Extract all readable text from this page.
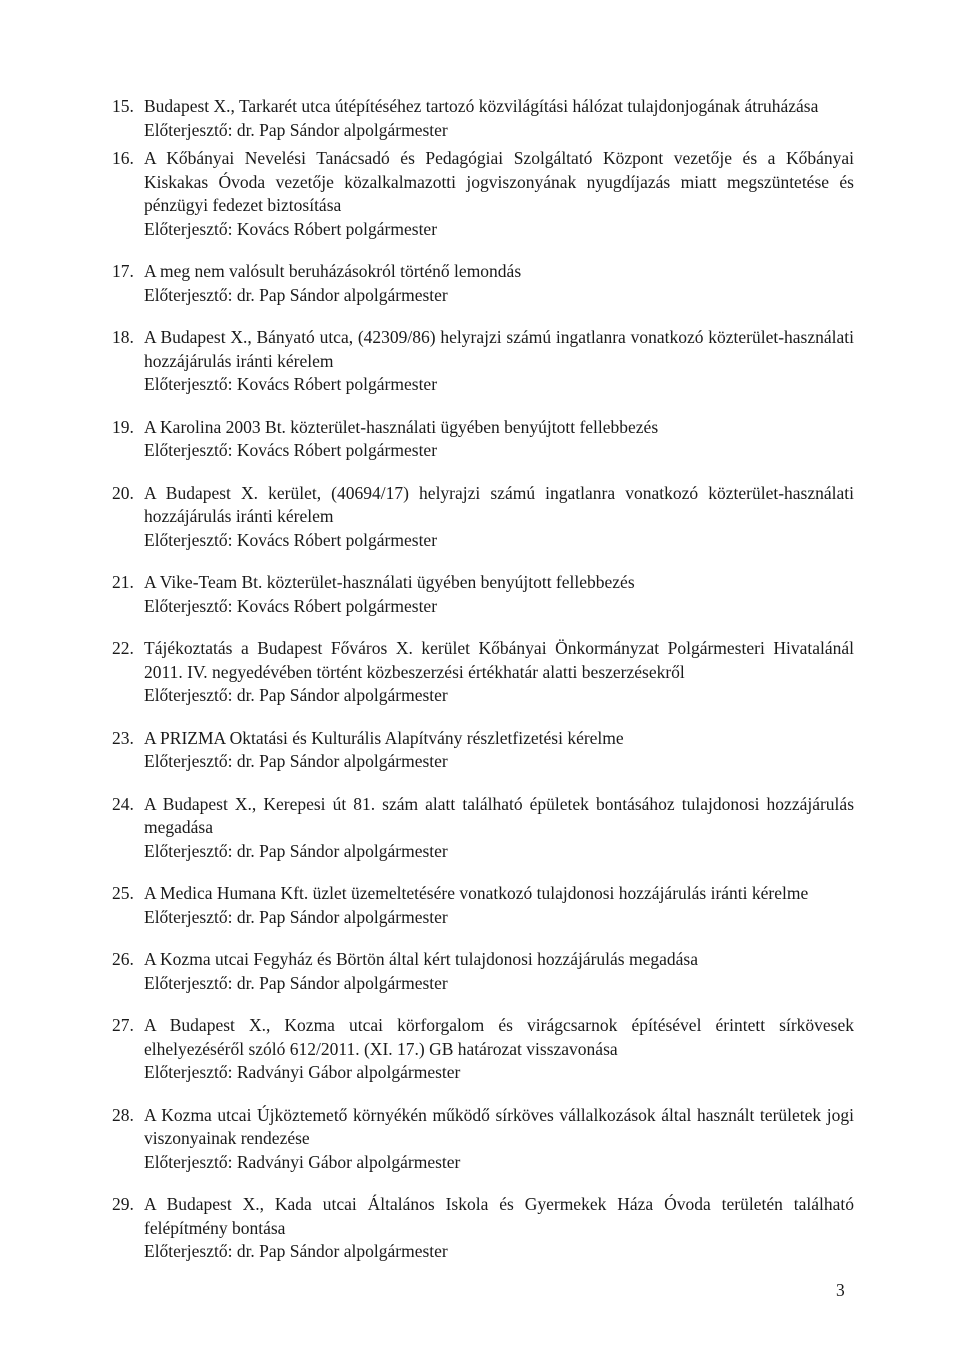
15. Budapest X., Tarkarét utca útépítéséhez tartozó közvilágítási hálózat tulajdonjogának átruházása
Előterjesztő: dr. Pap Sándor alpolgármester
16. A Kőbányai Nevelési Tanácsadó és Pedagógiai Szolgáltató Központ vezetője és a Kőbányai Kiskakas Óvoda vezetője közalkalmazotti jogviszonyának nyugdíjazás miatt megszüntetése és pénzügyi fedezet biztosítása
Előterjesztő: Kovács Róbert polgármester
17. A meg nem valósult beruházásokról történő lemondás
Előterjesztő: dr. Pap Sándor alpolgármester
18. A Budapest X., Bányató utca, (42309/86) helyrajzi számú ingatlanra vonatkozó közterület-használati hozzájárulás iránti kérelem
Előterjesztő: Kovács Róbert polgármester
19. A Karolina 2003 Bt. közterület-használati ügyében benyújtott fellebbezés
Előterjesztő: Kovács Róbert polgármester
20. A Budapest X. kerület, (40694/17) helyrajzi számú ingatlanra vonatkozó közterület-használati hozzájárulás iránti kérelem
Előterjesztő: Kovács Róbert polgármester
21. A Vike-Team Bt. közterület-használati ügyében benyújtott fellebbezés
Előterjesztő: Kovács Róbert polgármester
22. Tájékoztatás a Budapest Főváros X. kerület Kőbányai Önkormányzat Polgármesteri Hivatalánál 2011. IV. negyedévében történt közbeszerzési értékhatár alatti beszerzésekről
Előterjesztő: dr. Pap Sándor alpolgármester
23. A PRIZMA Oktatási és Kulturális Alapítvány részletfizetési kérelme
Előterjesztő: dr. Pap Sándor alpolgármester
24. A Budapest X., Kerepesi út 81. szám alatt található épületek bontásához tulajdonosi hozzájárulás megadása
Előterjesztő: dr. Pap Sándor alpolgármester
25. A Medica Humana Kft. üzlet üzemeltetésére vonatkozó tulajdonosi hozzájárulás iránti kérelme
Előterjesztő: dr. Pap Sándor alpolgármester
26. A Kozma utcai Fegyház és Börtön által kért tulajdonosi hozzájárulás megadása
Előterjesztő: dr. Pap Sándor alpolgármester
27. A Budapest X., Kozma utcai körforgalom és virágcsarnok építésével érintett sírkövesek elhelyezéséről szóló 612/2011. (XI. 17.) GB határozat visszavonása
Előterjesztő: Radványi Gábor alpolgármester
28. A Kozma utcai Újköztemető környékén működő sírköves vállalkozások által használt területek jogi viszonyainak rendezése
Előterjesztő: Radványi Gábor alpolgármester
29. A Budapest X., Kada utcai Általános Iskola és Gyermekek Háza Óvoda területén található felépítmény bontása
Előterjesztő: dr. Pap Sándor alpolgármester
3
